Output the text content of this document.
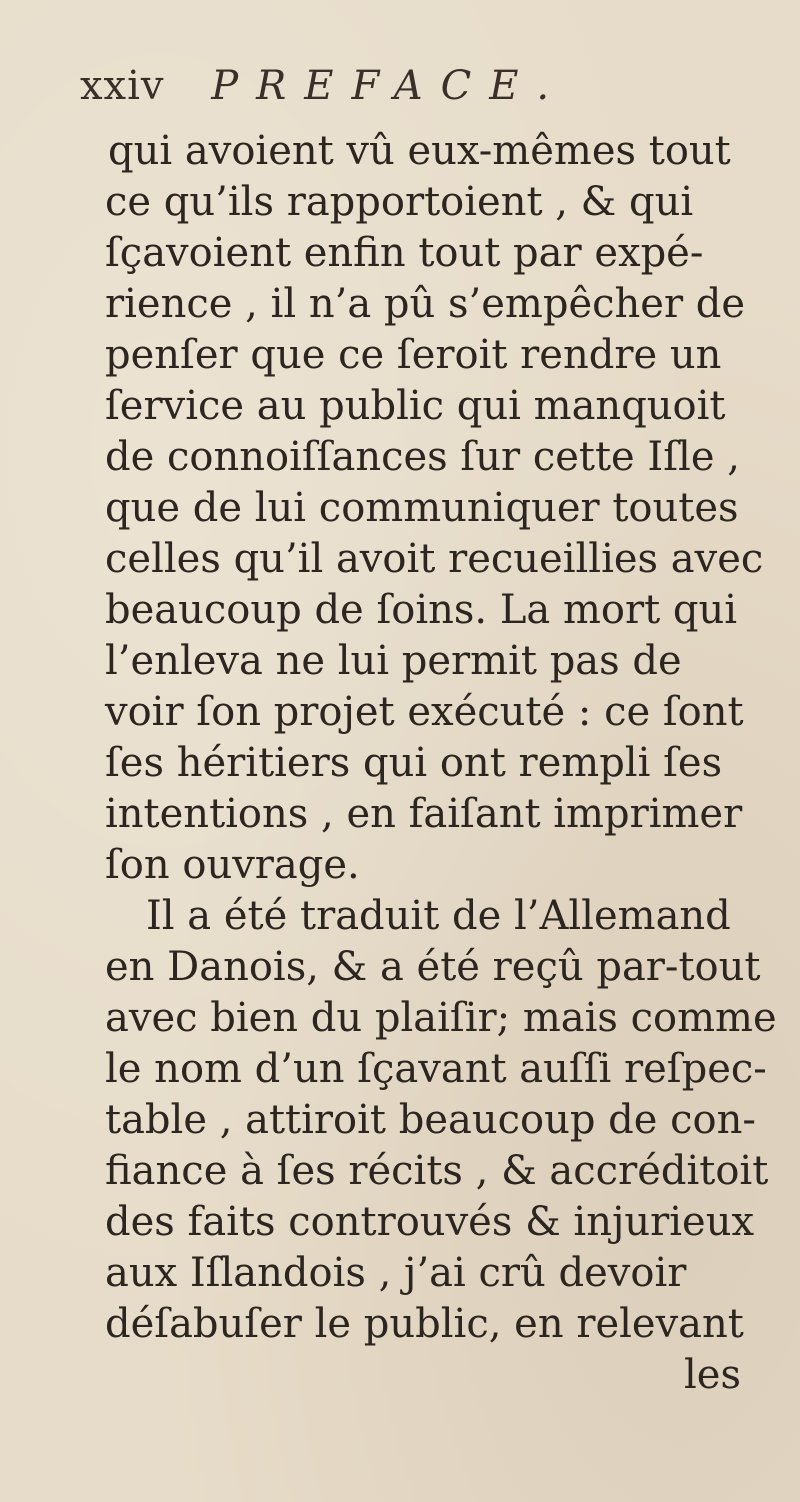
xxiv PREFACE.
qui avoient vû eux-mêmes tout
ce qu’ils rapportoient , & qui
ſçavoient enfin tout par expé-
rience , il n’a pû s’empêcher de
penſer que ce ſeroit rendre un
ſervice au public qui manquoit
de connoiſſances ſur cette Iſle ,
que de lui communiquer toutes
celles qu’il avoit recueillies avec
beaucoup de ſoins. La mort qui
l’enleva ne lui permit pas de
voir ſon projet exécuté : ce ſont
ſes héritiers qui ont rempli ſes
intentions , en faiſant imprimer
ſon ouvrage.
Il a été traduit de l’Allemand
en Danois, & a été reçû par-tout
avec bien du plaiſir; mais comme
le nom d’un ſçavant auſſi reſpec-
table , attiroit beaucoup de con-
fiance à ſes récits , & accréditoit
des faits controuvés & injurieux
aux Iſlandois , j’ai crû devoir
déſabuſer le public, en relevant
les
